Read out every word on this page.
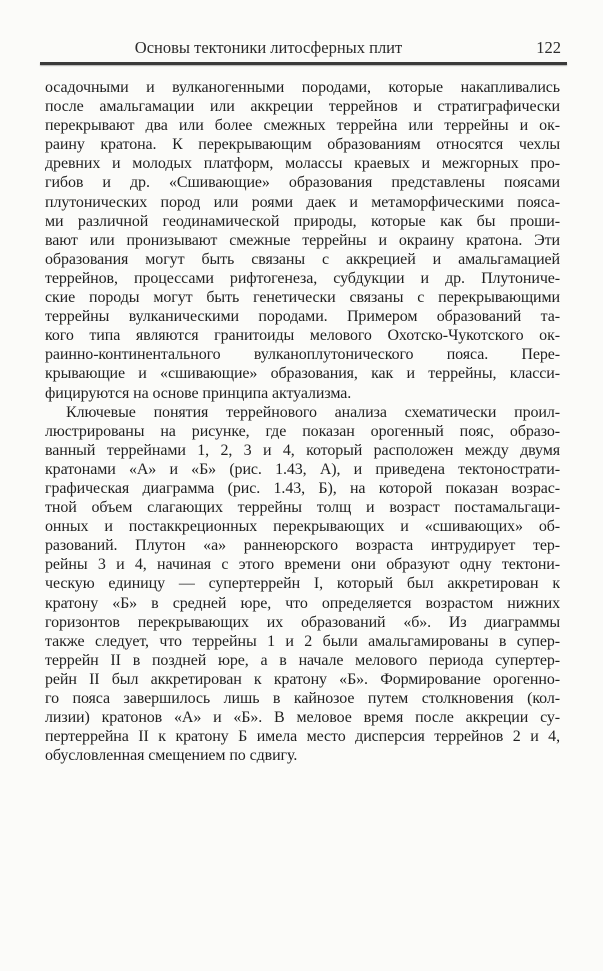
Основы тектоники литосферных плит	122
осадочными и вулканогенными породами, которые накапливались
после амальгамации или аккреции террейнов и стратиграфически
перекрывают два или более смежных террейна или террейны и ок-
раину кратона. К перекрывающим образованиям относятся чехлы
древних и молодых платформ, молассы краевых и межгорных про-
гибов и др. «Сшивающие» образования представлены поясами
плутонических пород или роями даек и метаморфическими пояса-
ми различной геодинамической природы, которые как бы проши-
вают или пронизывают смежные террейны и окраину кратона. Эти
образования могут быть связаны с аккрецией и амальгамацией
террейнов, процессами рифтогенеза, субдукции и др. Плутониче-
ские породы могут быть генетически связаны с перекрывающими
террейны вулканическими породами. Примером образований та-
кого типа являются гранитоиды мелового Охотско-Чукотского ок-
раинно-континентального вулканоплутонического пояса. Пере-
крывающие и «сшивающие» образования, как и террейны, класси-
фицируются на основе принципа актуализма.
Ключевые понятия террейнового анализа схематически проил-
люстрированы на рисунке, где показан орогенный пояс, образо-
ванный террейнами 1, 2, 3 и 4, который расположен между двумя
кратонами «А» и «Б» (рис. 1.43, А), и приведена тектонострати-
графическая диаграмма (рис. 1.43, Б), на которой показан возрас-
тной объем слагающих террейны толщ и возраст постамальгаци-
онных и постаккреционных перекрывающих и «сшивающих» об-
разований. Плутон «а» раннеюрского возраста интрудирует тер-
рейны 3 и 4, начиная с этого времени они образуют одну тектони-
ческую единицу — супертеррейн I, который был аккретирован к
кратону «Б» в средней юре, что определяется возрастом нижних
горизонтов перекрывающих их образований «б». Из диаграммы
также следует, что террейны 1 и 2 были амальгамированы в супер-
террейн II в поздней юре, а в начале мелового периода супертер-
рейн II был аккретирован к кратону «Б». Формирование орогенно-
го пояса завершилось лишь в кайнозое путем столкновения (кол-
лизии) кратонов «А» и «Б». В меловое время после аккреции су-
пертеррейна II к кратону Б имела место дисперсия террейнов 2 и 4,
обусловленная смещением по сдвигу.
